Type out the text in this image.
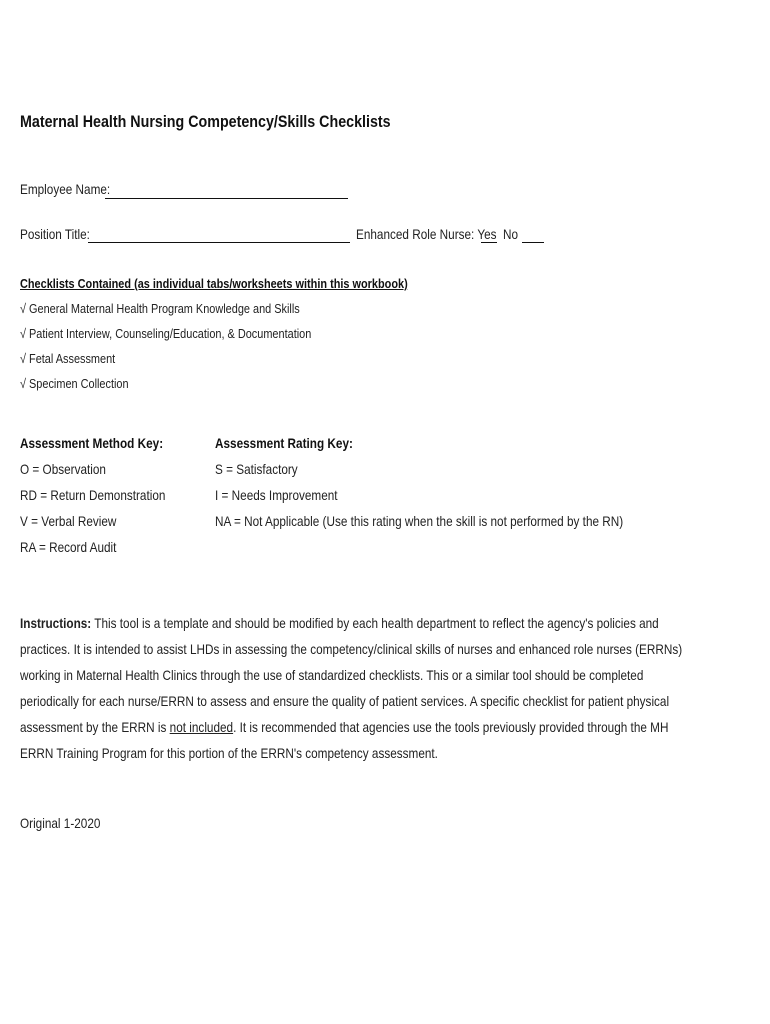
Maternal Health Nursing Competency/Skills Checklists
Employee Name:
Position Title:	Enhanced Role Nurse: Yes No
Checklists Contained (as individual tabs/worksheets within this workbook)
√ General Maternal Health Program Knowledge and Skills
√ Patient Interview, Counseling/Education, & Documentation
√ Fetal Assessment
√ Specimen Collection
Assessment Method Key:
O = Observation
RD = Return Demonstration
V = Verbal Review
RA = Record Audit
Assessment Rating Key:
S = Satisfactory
I = Needs Improvement
NA = Not Applicable (Use this rating when the skill is not performed by the RN)
Instructions: This tool is a template and should be modified by each health department to reflect the agency's policies and practices. It is intended to assist LHDs in assessing the competency/clinical skills of nurses and enhanced role nurses (ERRNs) working in Maternal Health Clinics through the use of standardized checklists. This or a similar tool should be completed periodically for each nurse/ERRN to assess and ensure the quality of patient services. A specific checklist for patient physical assessment by the ERRN is not included. It is recommended that agencies use the tools previously provided through the MH ERRN Training Program for this portion of the ERRN's competency assessment.
Original 1-2020
